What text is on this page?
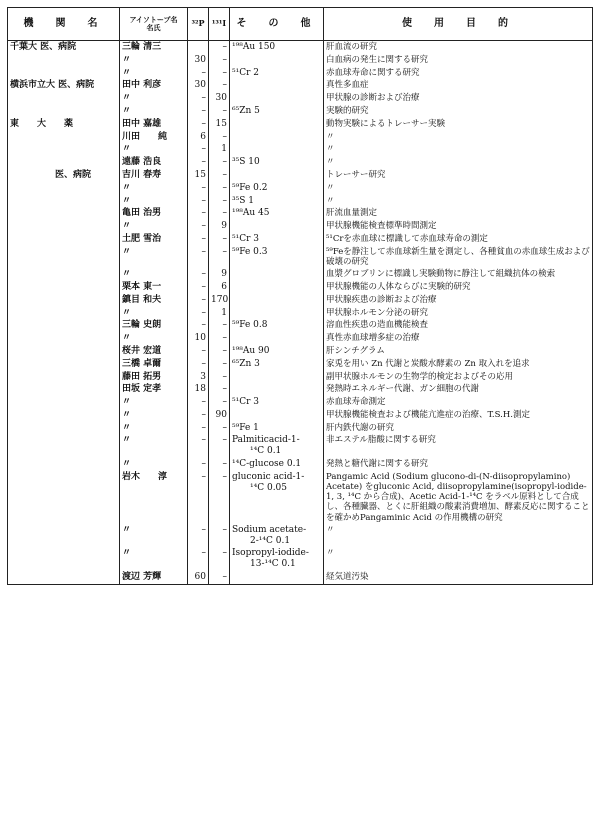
機　関　名	アイソトープ名
名氏	³²P	¹³¹I	そ　の　他	使　用　目　的
千葉大 医、病院	三輪 清三		–	¹⁹⁸Au 150	肝血流の研究
	〃	30	–		白血病の発生に関する研究
	〃	–	–	⁵¹Cr 2	赤血球寿命に関する研究
横浜市立大 医、病院	田中 利彦	30	–		真性多血症
	〃	–	30		甲状腺の診断および治療
	〃	–	–	⁶⁵Zn 5	実験的研究
東　　大　　薬	田中 嘉雄	–	15		動物実験によるトレーサー実験
	川田　　純	6	–		〃
	〃	–	1		〃
	遠藤 浩良	–	–	³⁵S 10	〃
　　　　　医、病院	吉川 春寿	15	–		トレーサー研究
	〃	–	–	⁵⁹Fe 0.2	〃
	〃	–	–	³⁵S 1	〃
	亀田 治男	–	–	¹⁹⁸Au 45	肝流血量測定
	〃	–	9		甲状腺機能検査標準時間測定
	土肥 雪治	–	–	⁵¹Cr 3	⁵¹Crを赤血球に標識して赤血球寿命の測定
	〃	–	–	⁵⁹Fe 0.3	⁵⁹Feを静注して赤血球新生量を測定し、各種貧血の赤血球生成および破壊の研究
	〃	–	9		血漿グロブリンに標識し実験動物に静注して組織抗体の検索
	栗本 東一	–	6		甲状腺機能の人体ならびに実験的研究
	鎮目 和夫	–	170		甲状腺疾患の診断および治療
	〃	–	1		甲状腺ホルモン分泌の研究
	三輪 史朗	–	–	⁵⁹Fe 0.8	溶血性疾患の造血機能検査
	〃	10	–		真性赤血球増多症の治療
	桜井 宏道	–	–	¹⁹⁸Au 90	肝シンチグラム
	三橋 卓爾	–	–	⁶⁵Zn 3	家兎を用い Zn 代謝と炭酸水酵素の Zn 取入れを追求
	藤田 拓男	3	–		副甲状腺ホルモンの生物学的検定およびその応用
	田坂 定孝	18	–		発熱時エネルギー代謝、ガン細胞の代謝
	〃	–	–	⁵¹Cr 3	赤血球寿命測定
	〃	–	90		甲状腺機能検査および機能亢進症の治療、T.S.H.測定
	〃	–	–	⁵⁹Fe 1	肝内鉄代謝の研究
	〃	–	–	Palmiticacid-1-
　　¹⁴C 0.1	非エステル脂酸に関する研究
	〃	–	–	¹⁴C-glucose 0.1	発熱と糖代謝に関する研究
	岩木　　淳	–	–	gluconic acid-1-
　　¹⁴C 0.05	Pangamic Acid (Sodium glucono-di-(N-diisopropylamino) Acetate) をgluconic Acid, diisopropylamine(isopropyl-iodide-1, 3, ¹⁴C から合成)、Acetic Acid-1-¹⁴C をラベル原料として合成し、各種臓器、とくに肝組織の酸素消費増加、酵素反応に関することを確かめPangaminic Acid の作用機構の研究
	〃	–	–	Sodium acetate-
　　2-¹⁴C 0.1	〃
	〃	–	–	Isopropyl-iodide-
　　13-¹⁴C 0.1	〃
	渡辺 芳輝	60	–		経気道汚染
